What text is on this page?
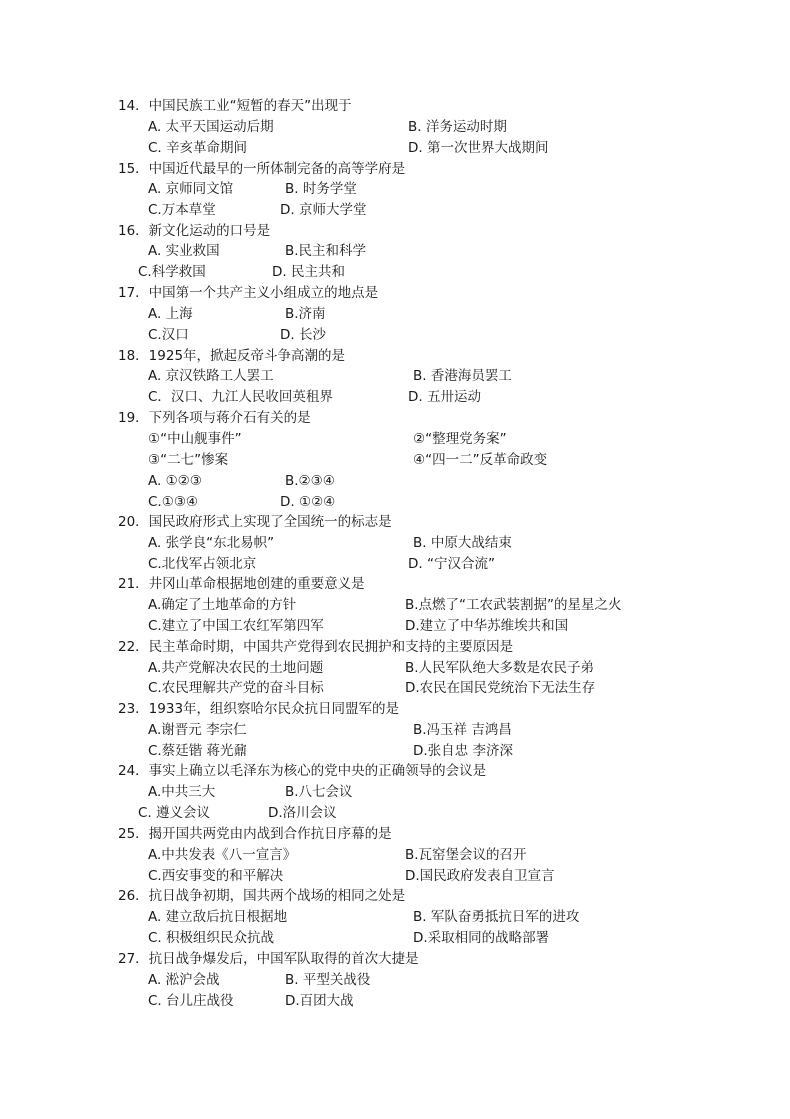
14．中国民族工业“短暂的春天”出现于
A. 太平天国运动后期	B. 洋务运动时期
C. 辛亥革命期间	D. 第一次世界大战期间
15．中国近代最早的一所体制完备的高等学府是
A. 京师同文馆	B. 时务学堂
C.万本草堂	D. 京师大学堂
16．新文化运动的口号是
A. 实业救国	B.民主和科学
C.科学救国	D. 民主共和
17．中国第一个共产主义小组成立的地点是
A. 上海	B.济南
C.汉口	D. 长沙
18．1925年，掀起反帝斗争高潮的是
A. 京汉铁路工人罢工	B. 香港海员罢工
C．汉口、九江人民收回英租界	D. 五卅运动
19．下列各项与蒋介石有关的是
①“中山舰事件”	②“整理党务案”
③“二七”惨案	④“四一二”反革命政变
A. ①②③	B.②③④
C.①③④	D. ①②④
20．国民政府形式上实现了全国统一的标志是
A. 张学良“东北易帜”	B. 中原大战结束
C.北伐军占领北京	D. “宁汉合流”
21．井冈山革命根据地创建的重要意义是
A.确定了土地革命的方针	B.点燃了“工农武装割据”的星星之火
C.建立了中国工农红军第四军	D.建立了中华苏维埃共和国
22．民主革命时期，中国共产党得到农民拥护和支持的主要原因是
A.共产党解决农民的土地问题	B.人民军队绝大多数是农民子弟
C.农民理解共产党的奋斗目标	D.农民在国民党统治下无法生存
23．1933年，组织察哈尔民众抗日同盟军的是
A.谢晋元 李宗仁	B.冯玉祥 吉鸿昌
C.蔡廷锴 蒋光鼐	D.张自忠 李济深
24．事实上确立以毛泽东为核心的党中央的正确领导的会议是
A.中共三大	B.八七会议
C. 遵义会议	D.洛川会议
25．揭开国共两党由内战到合作抗日序幕的是
A.中共发表《八一宣言》	B.瓦窑堡会议的召开
C.西安事变的和平解决	D.国民政府发表自卫宣言
26．抗日战争初期，国共两个战场的相同之处是
A. 建立敌后抗日根据地	B. 军队奋勇抵抗日军的进攻
C. 积极组织民众抗战	D.采取相同的战略部署
27．抗日战争爆发后，中国军队取得的首次大捷是
A. 淞沪会战	B. 平型关战役
C. 台儿庄战役	D.百团大战
